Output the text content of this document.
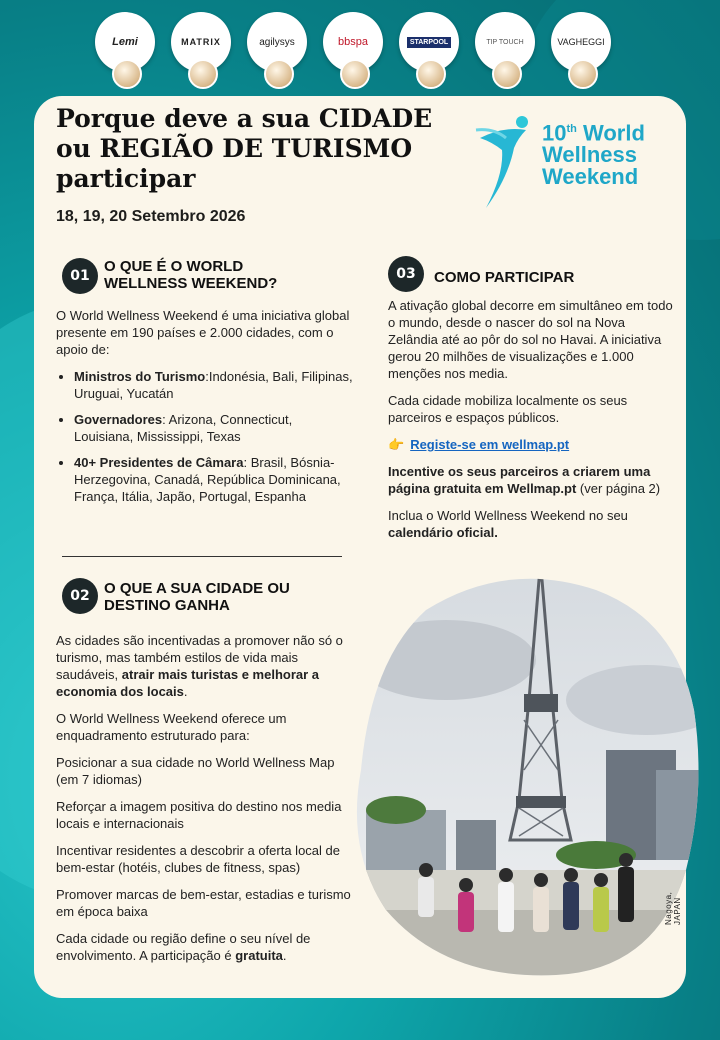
Lemi	MATRIX	agilysys	bbspa	STARPOOL	TIP TOUCH	VAGHEGGI
Porque deve a sua CIDADE ou REGIÃO DE TURISMO participar
18, 19, 20 Setembro 2026
10th World
Wellness
Weekend
01
O QUE É O WORLD WELLNESS WEEKEND?

O World Wellness Weekend é uma iniciativa global presente em 190 países e 2.000 cidades, com o apoio de:

• Ministros do Turismo:Indonésia, Bali, Filipinas, Uruguai, Yucatán
• Governadores: Arizona, Connecticut, Louisiana, Mississippi, Texas
• 40+ Presidentes de Câmara: Brasil, Bósnia-Herzegovina, Canadá, República Dominicana, França, Itália, Japão, Portugal, Espanha
02 O QUE A SUA CIDADE OU DESTINO GANHA

As cidades são incentivadas a promover não só o turismo, mas também estilos de vida mais saudáveis, atrair mais turistas e melhorar a economia dos locais.

O World Wellness Weekend oferece um enquadramento estruturado para:

Posicionar a sua cidade no World Wellness Map (em 7 idiomas)

Reforçar a imagem positiva do destino nos media locais e internacionais

Incentivar residentes a descobrir a oferta local de bem-estar (hotéis, clubes de fitness, spas)

Promover marcas de bem-estar, estadias e turismo em época baixa

Cada cidade ou região define o seu nível de envolvimento. A participação é gratuita.

03	COMO PARTICIPAR

A ativação global decorre em simultâneo em todo o mundo, desde o nascer do sol na Nova Zelândia até ao pôr do sol no Havai. A iniciativa gerou 20 milhões de visualizações e 1.000 menções nos media.

Cada cidade mobiliza localmente os seus parceiros e espaços públicos.

👉 Registe-se em wellmap.pt

Incentive os seus parceiros a criarem uma página gratuita em Wellmap.pt (ver página 2)

Inclua o World Wellness Weekend no seu calendário oficial.

Nagoya, JAPAN
